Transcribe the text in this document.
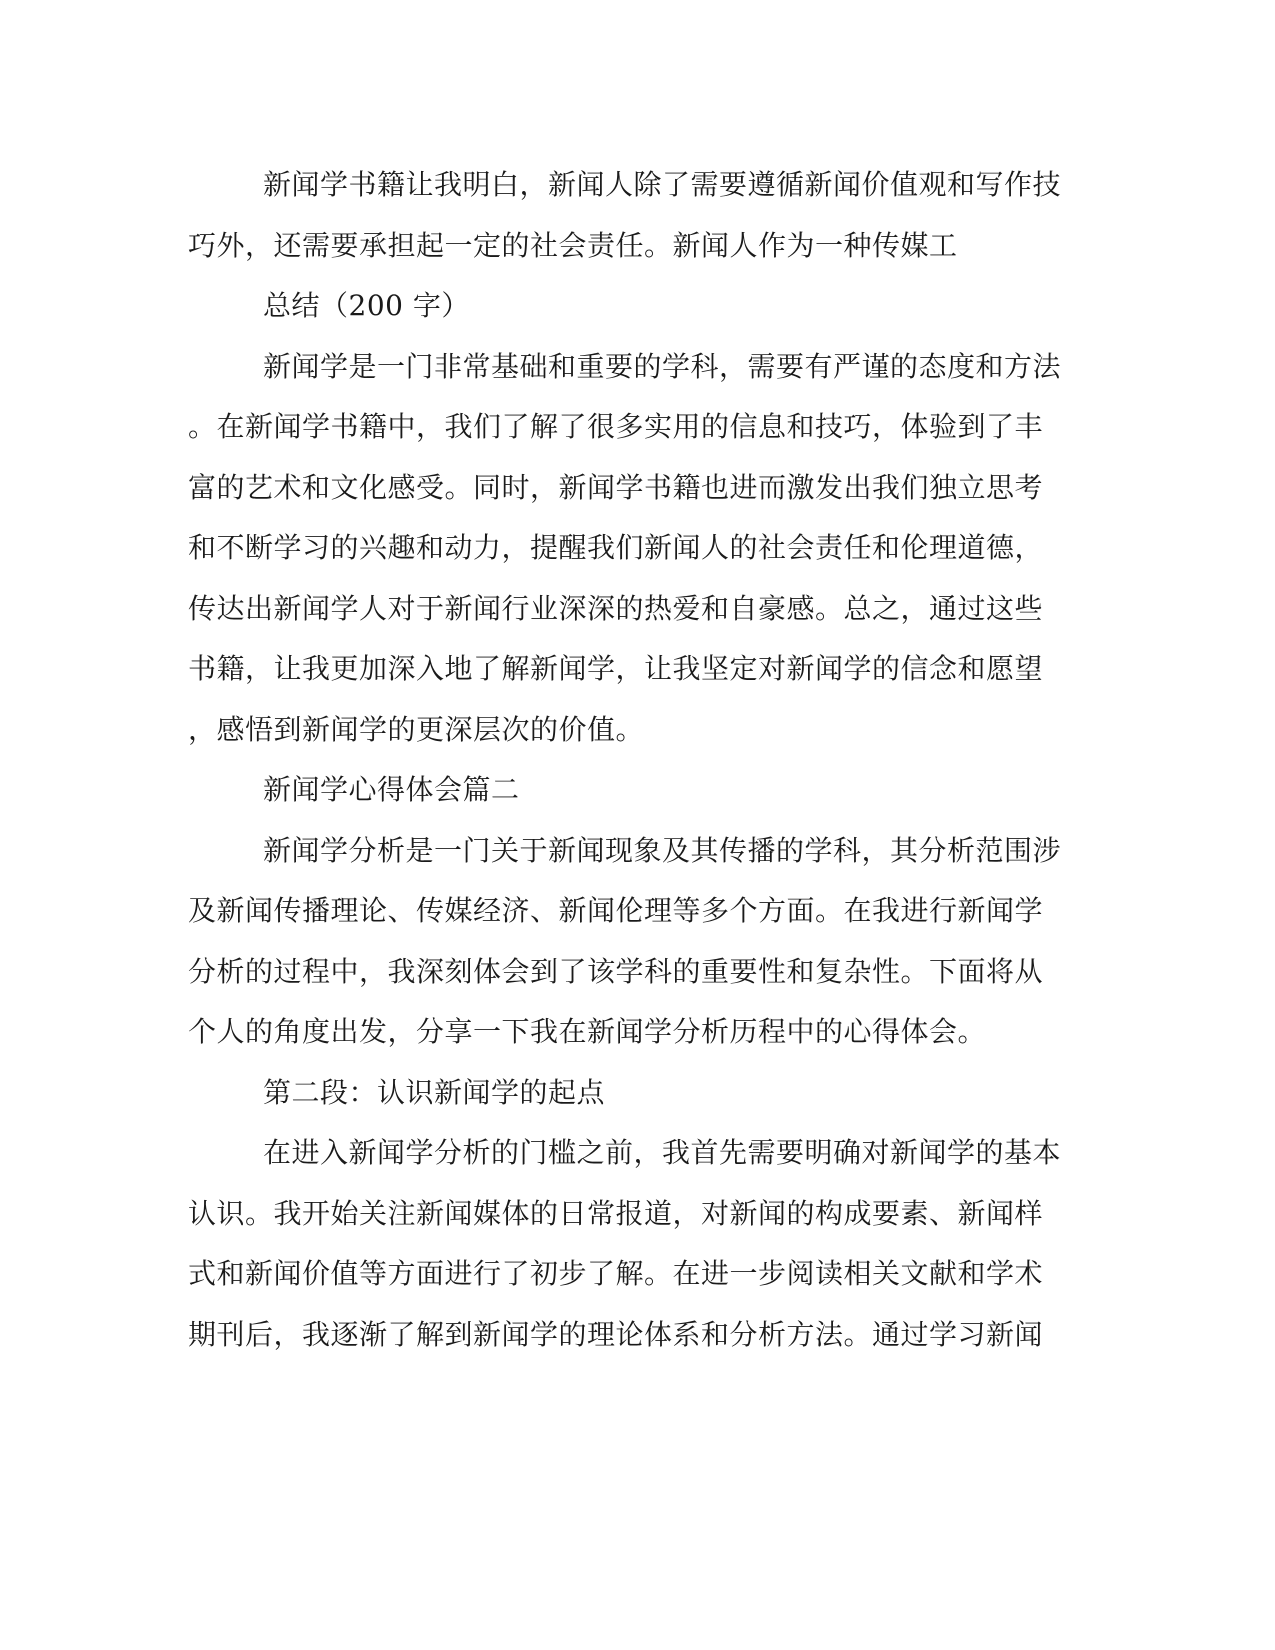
新闻学书籍让我明白，新闻人除了需要遵循新闻价值观和写作技
巧外，还需要承担起一定的社会责任。新闻人作为一种传媒工
总结（200 字）
新闻学是一门非常基础和重要的学科，需要有严谨的态度和方法
。在新闻学书籍中，我们了解了很多实用的信息和技巧，体验到了丰
富的艺术和文化感受。同时，新闻学书籍也进而激发出我们独立思考
和不断学习的兴趣和动力，提醒我们新闻人的社会责任和伦理道德，
传达出新闻学人对于新闻行业深深的热爱和自豪感。总之，通过这些
书籍，让我更加深入地了解新闻学，让我坚定对新闻学的信念和愿望
，感悟到新闻学的更深层次的价值。
新闻学心得体会篇二
新闻学分析是一门关于新闻现象及其传播的学科，其分析范围涉
及新闻传播理论、传媒经济、新闻伦理等多个方面。在我进行新闻学
分析的过程中，我深刻体会到了该学科的重要性和复杂性。下面将从
个人的角度出发，分享一下我在新闻学分析历程中的心得体会。
第二段：认识新闻学的起点
在进入新闻学分析的门槛之前，我首先需要明确对新闻学的基本
认识。我开始关注新闻媒体的日常报道，对新闻的构成要素、新闻样
式和新闻价值等方面进行了初步了解。在进一步阅读相关文献和学术
期刊后，我逐渐了解到新闻学的理论体系和分析方法。通过学习新闻
